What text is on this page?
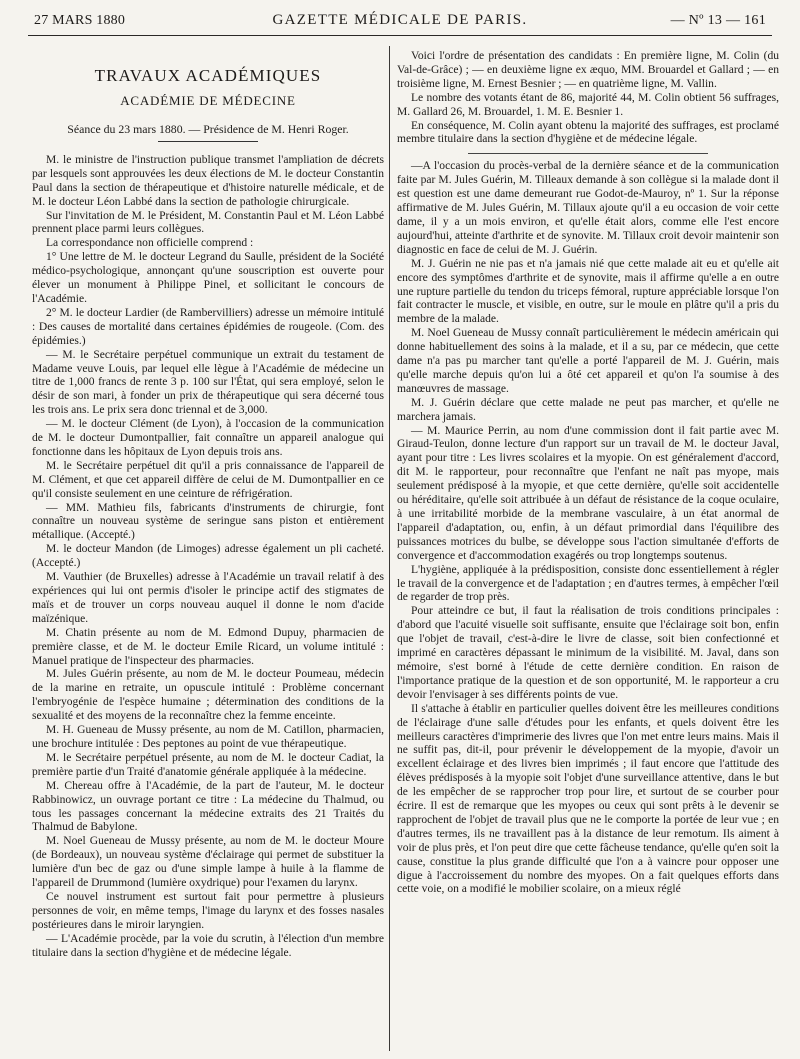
27 MARS 1880	GAZETTE MÉDICALE DE PARIS.	— Nº 13 — 161
TRAVAUX ACADÉMIQUES
ACADÉMIE DE MÉDECINE
Séance du 23 mars 1880. — Présidence de M. Henri Roger.

M. le ministre de l'instruction publique transmet l'ampliation de décrets par lesquels sont approuvées les deux élections de M. le docteur Constantin Paul dans la section de thérapeutique et d'histoire naturelle médicale, et de M. le docteur Léon Labbé dans la section de pathologie chirurgicale.

Sur l'invitation de M. le Président, M. Constantin Paul et M. Léon Labbé prennent place parmi leurs collègues.

La correspondance non officielle comprend :

1° Une lettre de M. le docteur Legrand du Saulle, président de la Société médico-psychologique, annonçant qu'une souscription est ouverte pour élever un monument à Philippe Pinel, et sollicitant le concours de l'Académie.

2° M. le docteur Lardier (de Rambervilliers) adresse un mémoire intitulé : Des causes de mortalité dans certaines épidémies de rougeole. (Com. des épidémies.)

— M. le Secrétaire perpétuel communique un extrait du testament de Madame veuve Louis, par lequel elle lègue à l'Académie de médecine un titre de 1,000 francs de rente 3 p. 100 sur l'État, qui sera employé, selon le désir de son mari, à fonder un prix de thérapeutique qui sera décerné tous les trois ans. Le prix sera donc triennal et de 3,000.

— M. le docteur Clément (de Lyon), à l'occasion de la communication de M. le docteur Dumontpallier, fait connaître un appareil analogue qui fonctionne dans les hôpitaux de Lyon depuis trois ans.

M. le Secrétaire perpétuel dit qu'il a pris connaissance de l'appareil de M. Clément, et que cet appareil diffère de celui de M. Dumontpallier en ce qu'il consiste seulement en une ceinture de réfrigération.

— MM. Mathieu fils, fabricants d'instruments de chirurgie, font connaître un nouveau système de seringue sans piston et entièrement métallique. (Accepté.)

M. le docteur Mandon (de Limoges) adresse également un pli cacheté. (Accepté.)

M. Vauthier (de Bruxelles) adresse à l'Académie un travail relatif à des expériences qui lui ont permis d'isoler le principe actif des stigmates de maïs et de trouver un corps nouveau auquel il donne le nom d'acide maïzénique.

M. Chatin présente au nom de M. Edmond Dupuy, pharmacien de première classe, et de M. le docteur Emile Ricard, un volume intitulé : Manuel pratique de l'inspecteur des pharmacies.

M. Jules Guérin présente, au nom de M. le docteur Poumeau, médecin de la marine en retraite, un opuscule intitulé : Problème concernant l'embryogénie de l'espèce humaine ; détermination des conditions de la sexualité et des moyens de la reconnaître chez la femme enceinte.

M. H. Gueneau de Mussy présente, au nom de M. Catillon, pharmacien, une brochure intitulée : Des peptones au point de vue thérapeutique.

M. le Secrétaire perpétuel présente, au nom de M. le docteur Cadiat, la première partie d'un Traité d'anatomie générale appliquée à la médecine.

M. Chereau offre à l'Académie, de la part de l'auteur, M. le docteur Rabbinowicz, un ouvrage portant ce titre : La médecine du Thalmud, ou tous les passages concernant la médecine extraits des 21 Traités du Thalmud de Babylone.

M. Noel Gueneau de Mussy présente, au nom de M. le docteur Moure (de Bordeaux), un nouveau système d'éclairage qui permet de substituer la lumière d'un bec de gaz ou d'une simple lampe à huile à la flamme de l'appareil de Drummond (lumière oxydrique) pour l'examen du larynx.

Ce nouvel instrument est surtout fait pour permettre à plusieurs personnes de voir, en même temps, l'image du larynx et des fosses nasales postérieures dans le miroir laryngien.

— L'Académie procède, par la voie du scrutin, à l'élection d'un membre titulaire dans la section d'hygiène et de médecine légale.

Voici l'ordre de présentation des candidats : En première ligne, M. Colin (du Val-de-Grâce) ; — en deuxième ligne ex æquo, MM. Brouardel et Gallard ; — en troisième ligne, M. Ernest Besnier ; — en quatrième ligne, M. Vallin.

Le nombre des votants étant de 86, majorité 44, M. Colin obtient 56 suffrages, M. Gallard 26, M. Brouardel, 1. M. E. Besnier 1.

En conséquence, M. Colin ayant obtenu la majorité des suffrages, est proclamé membre titulaire dans la section d'hygiène et de médecine légale.

—A l'occasion du procès-verbal de la dernière séance et de la communication faite par M. Jules Guérin, M. Tilleaux demande à son collègue si la malade dont il est question est une dame demeurant rue Godot-de-Mauroy, nº 1. Sur la réponse affirmative de M. Jules Guérin, M. Tillaux ajoute qu'il a eu occasion de voir cette dame, il y a un mois environ, et qu'elle était alors, comme elle l'est encore aujourd'hui, atteinte d'arthrite et de synovite. M. Tillaux croit devoir maintenir son diagnostic en face de celui de M. J. Guérin.

M. J. Guérin ne nie pas et n'a jamais nié que cette malade ait eu et qu'elle ait encore des symptômes d'arthrite et de synovite, mais il affirme qu'elle a en outre une rupture partielle du tendon du triceps fémoral, rupture appréciable lorsque l'on fait contracter le muscle, et visible, en outre, sur le moule en plâtre qu'il a pris du membre de la malade.

M. Noel Gueneau de Mussy connaît particulièrement le médecin américain qui donne habituellement des soins à la malade, et il a su, par ce médecin, que cette dame n'a pas pu marcher tant qu'elle a porté l'appareil de M. J. Guérin, mais qu'elle marche depuis qu'on lui a ôté cet appareil et qu'on l'a soumise à des manœuvres de massage.

M. J. Guérin déclare que cette malade ne peut pas marcher, et qu'elle ne marchera jamais.

— M. Maurice Perrin, au nom d'une commission dont il fait partie avec M. Giraud-Teulon, donne lecture d'un rapport sur un travail de M. le docteur Javal, ayant pour titre : Les livres scolaires et la myopie. On est généralement d'accord, dit M. le rapporteur, pour reconnaître que l'enfant ne naît pas myope, mais seulement prédisposé à la myopie, et que cette dernière, qu'elle soit accidentelle ou héréditaire, qu'elle soit attribuée à un défaut de résistance de la coque oculaire, à une irritabilité morbide de la membrane vasculaire, à un état anormal de l'appareil d'adaptation, ou, enfin, à un défaut primordial dans l'équilibre des puissances motrices du bulbe, se développe sous l'action simultanée d'efforts de convergence et d'accommodation exagérés ou trop longtemps soutenus.

L'hygiène, appliquée à la prédisposition, consiste donc essentiellement à régler le travail de la convergence et de l'adaptation ; en d'autres termes, à empêcher l'œil de regarder de trop près.

Pour atteindre ce but, il faut la réalisation de trois conditions principales : d'abord que l'acuité visuelle soit suffisante, ensuite que l'éclairage soit bon, enfin que l'objet de travail, c'est-à-dire le livre de classe, soit bien confectionné et imprimé en caractères dépassant le minimum de la visibilité. M. Javal, dans son mémoire, s'est borné à l'étude de cette dernière condition. En raison de l'importance pratique de la question et de son opportunité, M. le rapporteur a cru devoir l'envisager à ses différents points de vue.

Il s'attache à établir en particulier quelles doivent être les meilleures conditions de l'éclairage d'une salle d'études pour les enfants, et quels doivent être les meilleurs caractères d'imprimerie des livres que l'on met entre leurs mains. Mais il ne suffit pas, dit-il, pour prévenir le développement de la myopie, d'avoir un excellent éclairage et des livres bien imprimés ; il faut encore que l'attitude des élèves prédisposés à la myopie soit l'objet d'une surveillance attentive, dans le but de les empêcher de se rapprocher trop pour lire, et surtout de se courber pour écrire. Il est de remarque que les myopes ou ceux qui sont prêts à le devenir se rapprochent de l'objet de travail plus que ne le comporte la portée de leur vue ; en d'autres termes, ils ne travaillent pas à la distance de leur remotum. Ils aiment à voir de plus près, et l'on peut dire que cette fâcheuse tendance, qu'elle qu'en soit la cause, constitue la plus grande difficulté que l'on a à vaincre pour opposer une digue à l'accroissement du nombre des myopes. On a fait quelques efforts dans cette voie, on a modifié le mobilier scolaire, on a mieux réglé
